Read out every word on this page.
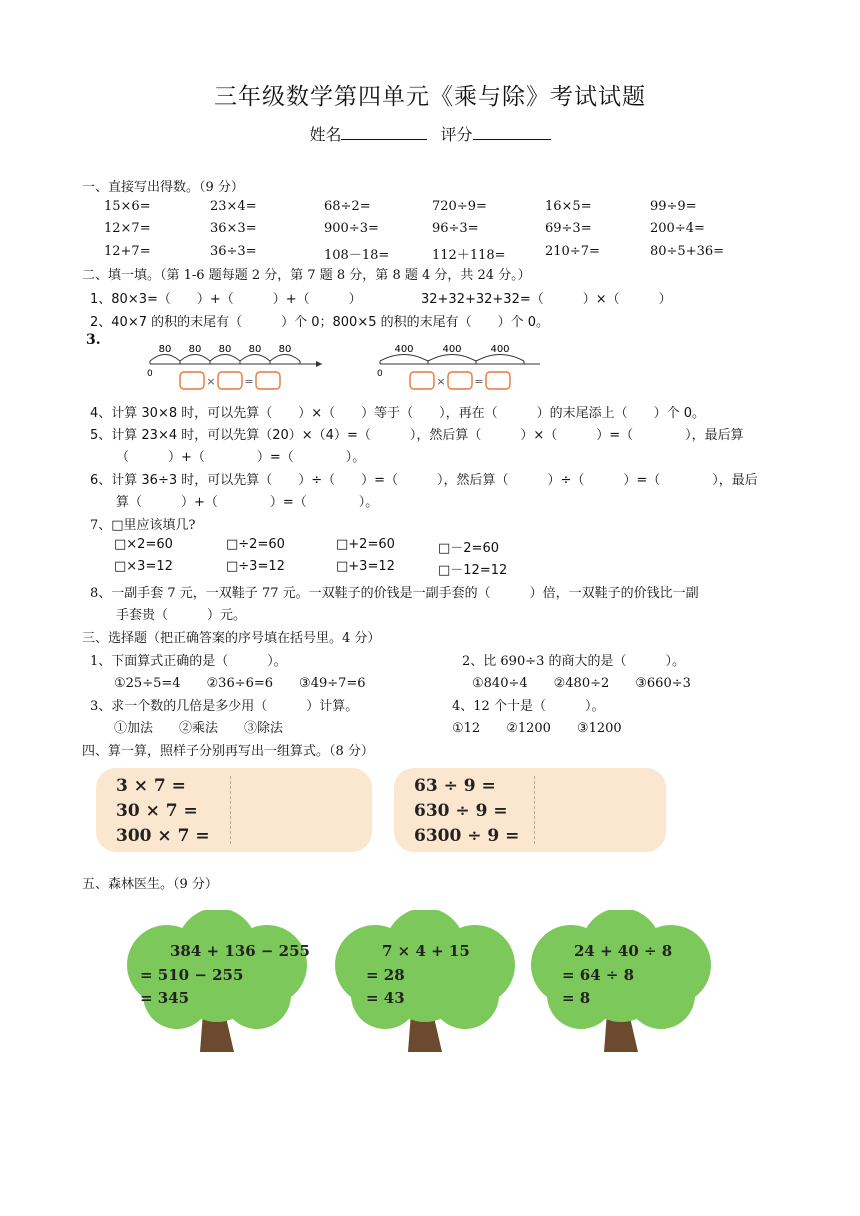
三年级数学第四单元《乘与除》考试试题
姓名	评分
一、直接写出得数。（9 分）
15×6=	23×4=	68÷2=	720÷9=	16×5=	99÷9=
12×7=	36×3=	900÷3=	96÷3=	69÷3=	200÷4=
12+7=	36÷3=	108－18=	112＋118=	210÷7=	80÷5+36=
二、填一填。（第 1-6 题每题 2 分，第 7 题 8 分，第 8 题 4 分，共 24 分。）
1、80×3=（　　）+（　　　）+（　　　）	32+32+32+32=（　　　）×（　　　）
2、40×7 的积的末尾有（　　　）个 0；800×5 的积的末尾有（　　）个 0。
3.
0
80 80 80 80 80
×	=
0
400	400	400
×	=
4、计算 30×8 时，可以先算（　　）×（　　）等于（　　），再在（　　　）的末尾添上（　　）个 0。
5、计算 23×4 时，可以先算（20）×（4）=（　　　），然后算（　　　）×（　　　）=（　　　　），最后算
（　　　）+（　　　　）=（　　　　）。
6、计算 36÷3 时，可以先算（　　）÷（　　）=（　　　），然后算（　　　）÷（　　　）=（　　　　），最后
算（　　　）+（　　　　）=（　　　　）。
7、□里应该填几?
□×2=60	□÷2=60	□+2=60	□－2=60
□×3=12	□÷3=12	□+3=12	□－12=12
8、一副手套 7 元，一双鞋子 77 元。一双鞋子的价钱是一副手套的（　　　）倍，一双鞋子的价钱比一副
手套贵（　　　）元。
三、选择题（把正确答案的序号填在括号里。4 分）
1、下面算式正确的是（　　　）。	2、比 690÷3 的商大的是（　　　）。
①25÷5=4　　②36÷6=6　　③49÷7=6	①840÷4　　②480÷2　　③660÷3
3、求一个数的几倍是多少用（　　　）计算。	4、12 个十是（　　　）。
①加法　　②乘法　　③除法	①12　　②1200　　③1200
四、算一算，照样子分别再写出一组算式。（8 分）
3 × 7 =
30 × 7 =
300 × 7 =
63 ÷ 9 =
630 ÷ 9 =
6300 ÷ 9 =
五、森林医生。（9 分）
384 + 136 − 255
= 510 − 255
= 345
7 × 4 + 15
= 28
= 43
24 + 40 ÷ 8
= 64 ÷ 8
= 8
